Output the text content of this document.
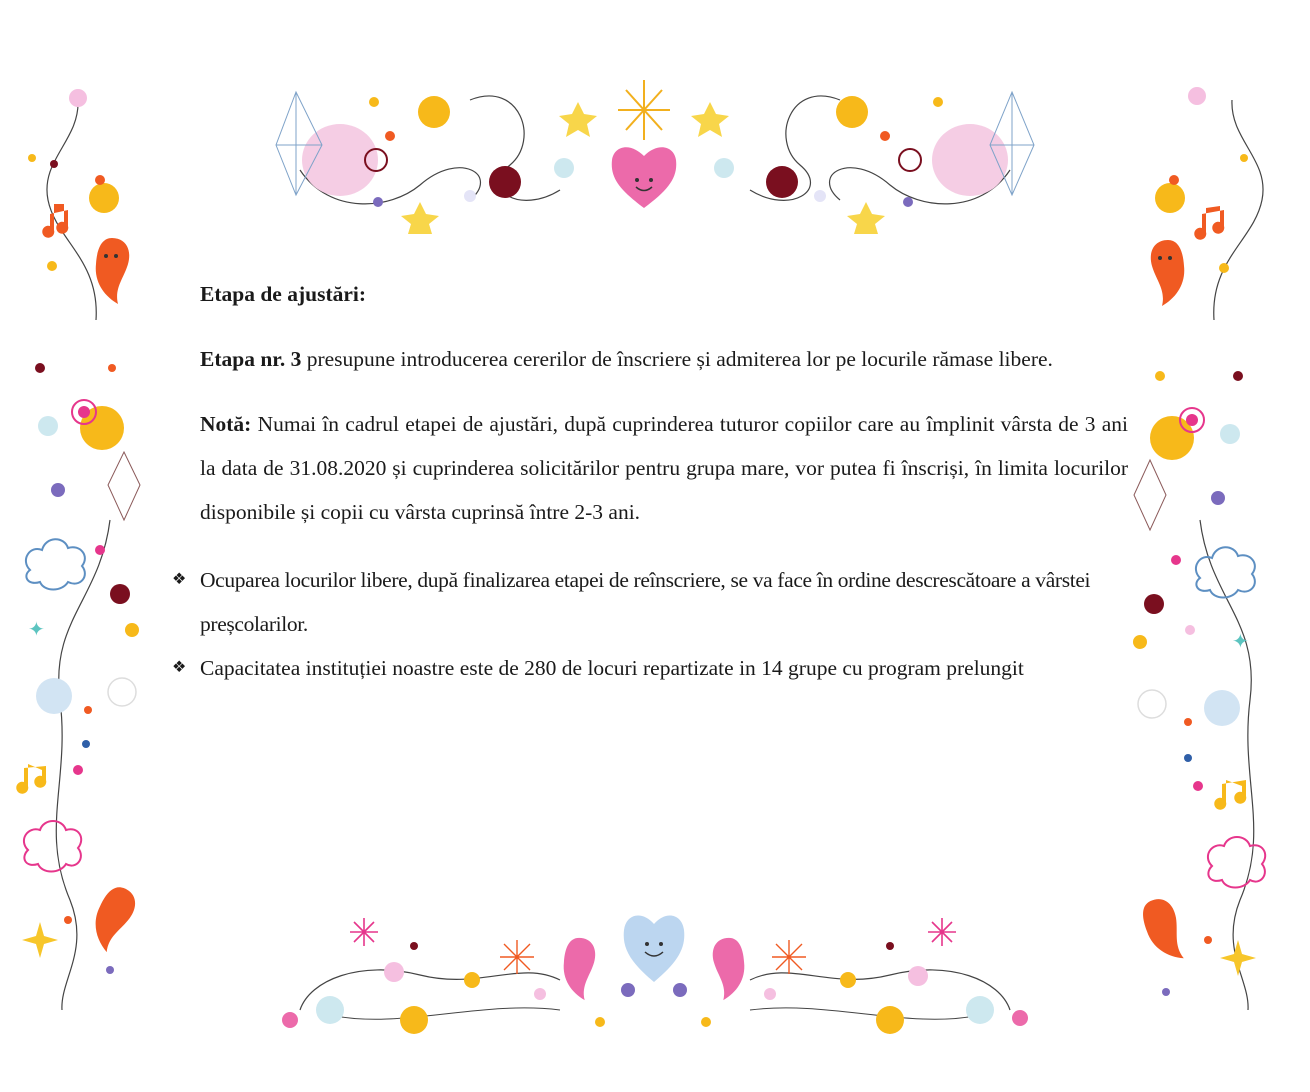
✦	✦
Etapa de ajustări:
Etapa nr. 3 presupune introducerea cererilor de înscriere și admiterea lor pe locurile rămase libere.
Notă: Numai în cadrul etapei de ajustări, după cuprinderea tuturor copiilor care au împlinit vârsta de 3 ani la data de 31.08.2020 și cuprinderea solicitărilor pentru grupa mare, vor putea fi înscriși, în limita locurilor disponibile și copii cu vârsta cuprinsă între 2-3 ani.
❖ Ocuparea locurilor libere, după finalizarea etapei de reînscriere, se va face în ordine descrescătoare a vârstei preșcolarilor.
❖ Capacitatea instituției noastre este de 280 de locuri repartizate in 14 grupe cu program prelungit
